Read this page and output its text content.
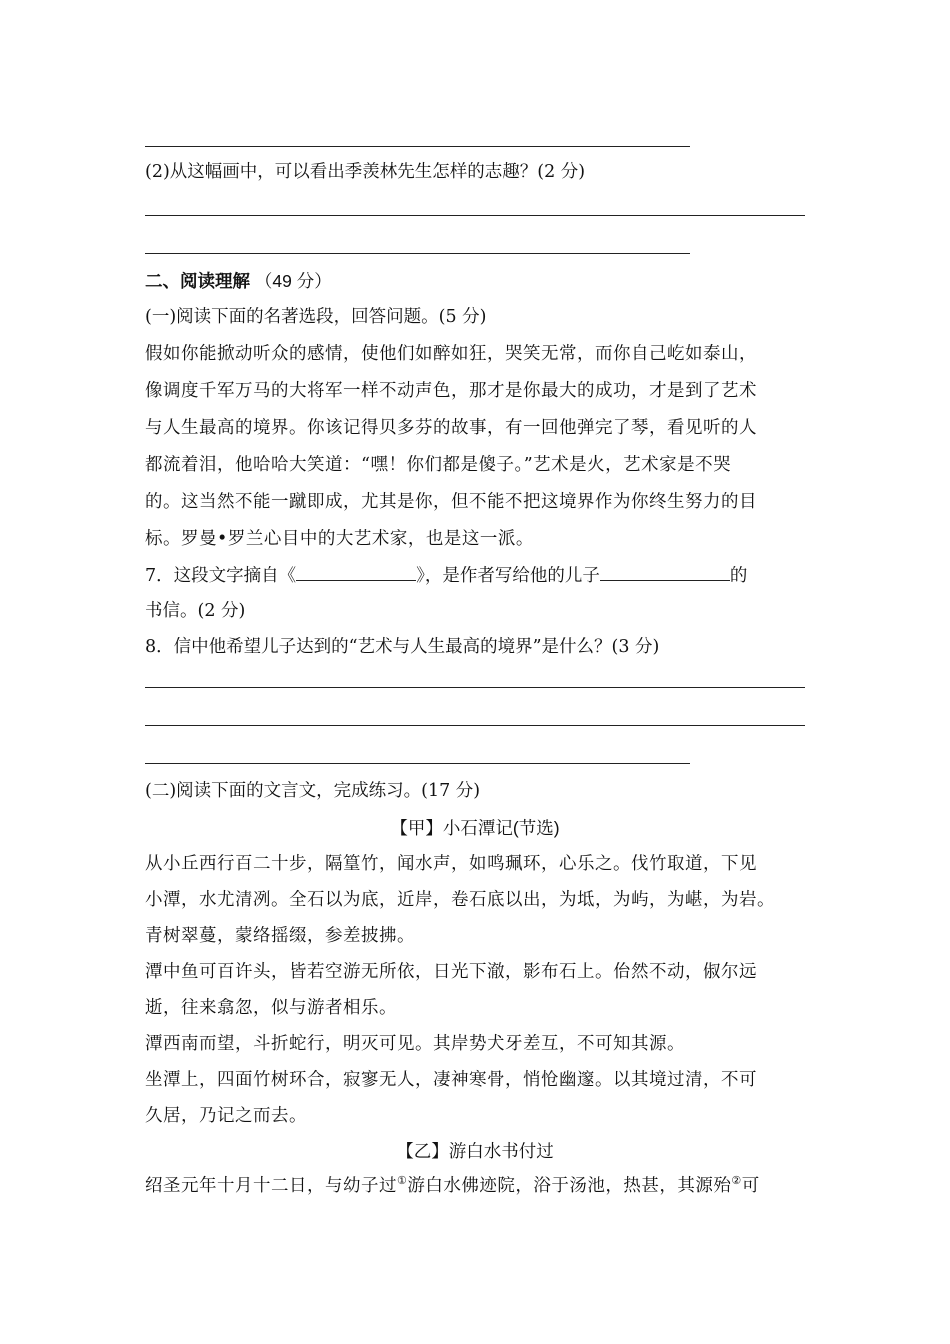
(2)从这幅画中，可以看出季羡林先生怎样的志趣？(2 分)
二、阅读理解 （49 分）
(一)阅读下面的名著选段，回答问题。(5 分)
假如你能掀动听众的感情，使他们如醉如狂，哭笑无常，而你自己屹如泰山，
像调度千军万马的大将军一样不动声色，那才是你最大的成功，才是到了艺术
与人生最高的境界。你该记得贝多芬的故事，有一回他弹完了琴，看见听的人
都流着泪，他哈哈大笑道：“嘿！你们都是傻子。”艺术是火，艺术家是不哭
的。这当然不能一蹴即成，尤其是你，但不能不把这境界作为你终生努力的目
标。罗曼•罗兰心目中的大艺术家，也是这一派。
7．这段文字摘自《	》，是作者写给他的儿子	的
书信。(2 分)
8．信中他希望儿子达到的“艺术与人生最高的境界”是什么？(3 分)
(二)阅读下面的文言文，完成练习。(17 分)
【甲】小石潭记(节选)
从小丘西行百二十步，隔篁竹，闻水声，如鸣珮环，心乐之。伐竹取道，下见
小潭，水尤清冽。全石以为底，近岸，卷石底以出，为坻，为屿，为嵁，为岩。
青树翠蔓，蒙络摇缀，参差披拂。
潭中鱼可百许头，皆若空游无所依，日光下澈，影布石上。佁然不动，俶尔远
逝，往来翕忽，似与游者相乐。
潭西南而望，斗折蛇行，明灭可见。其岸势犬牙差互，不可知其源。
坐潭上，四面竹树环合，寂寥无人，凄神寒骨，悄怆幽邃。以其境过清，不可
久居，乃记之而去。
【乙】游白水书付过
绍圣元年十月十二日，与幼子过①游白水佛迹院，浴于汤池，热甚，其源殆②可
